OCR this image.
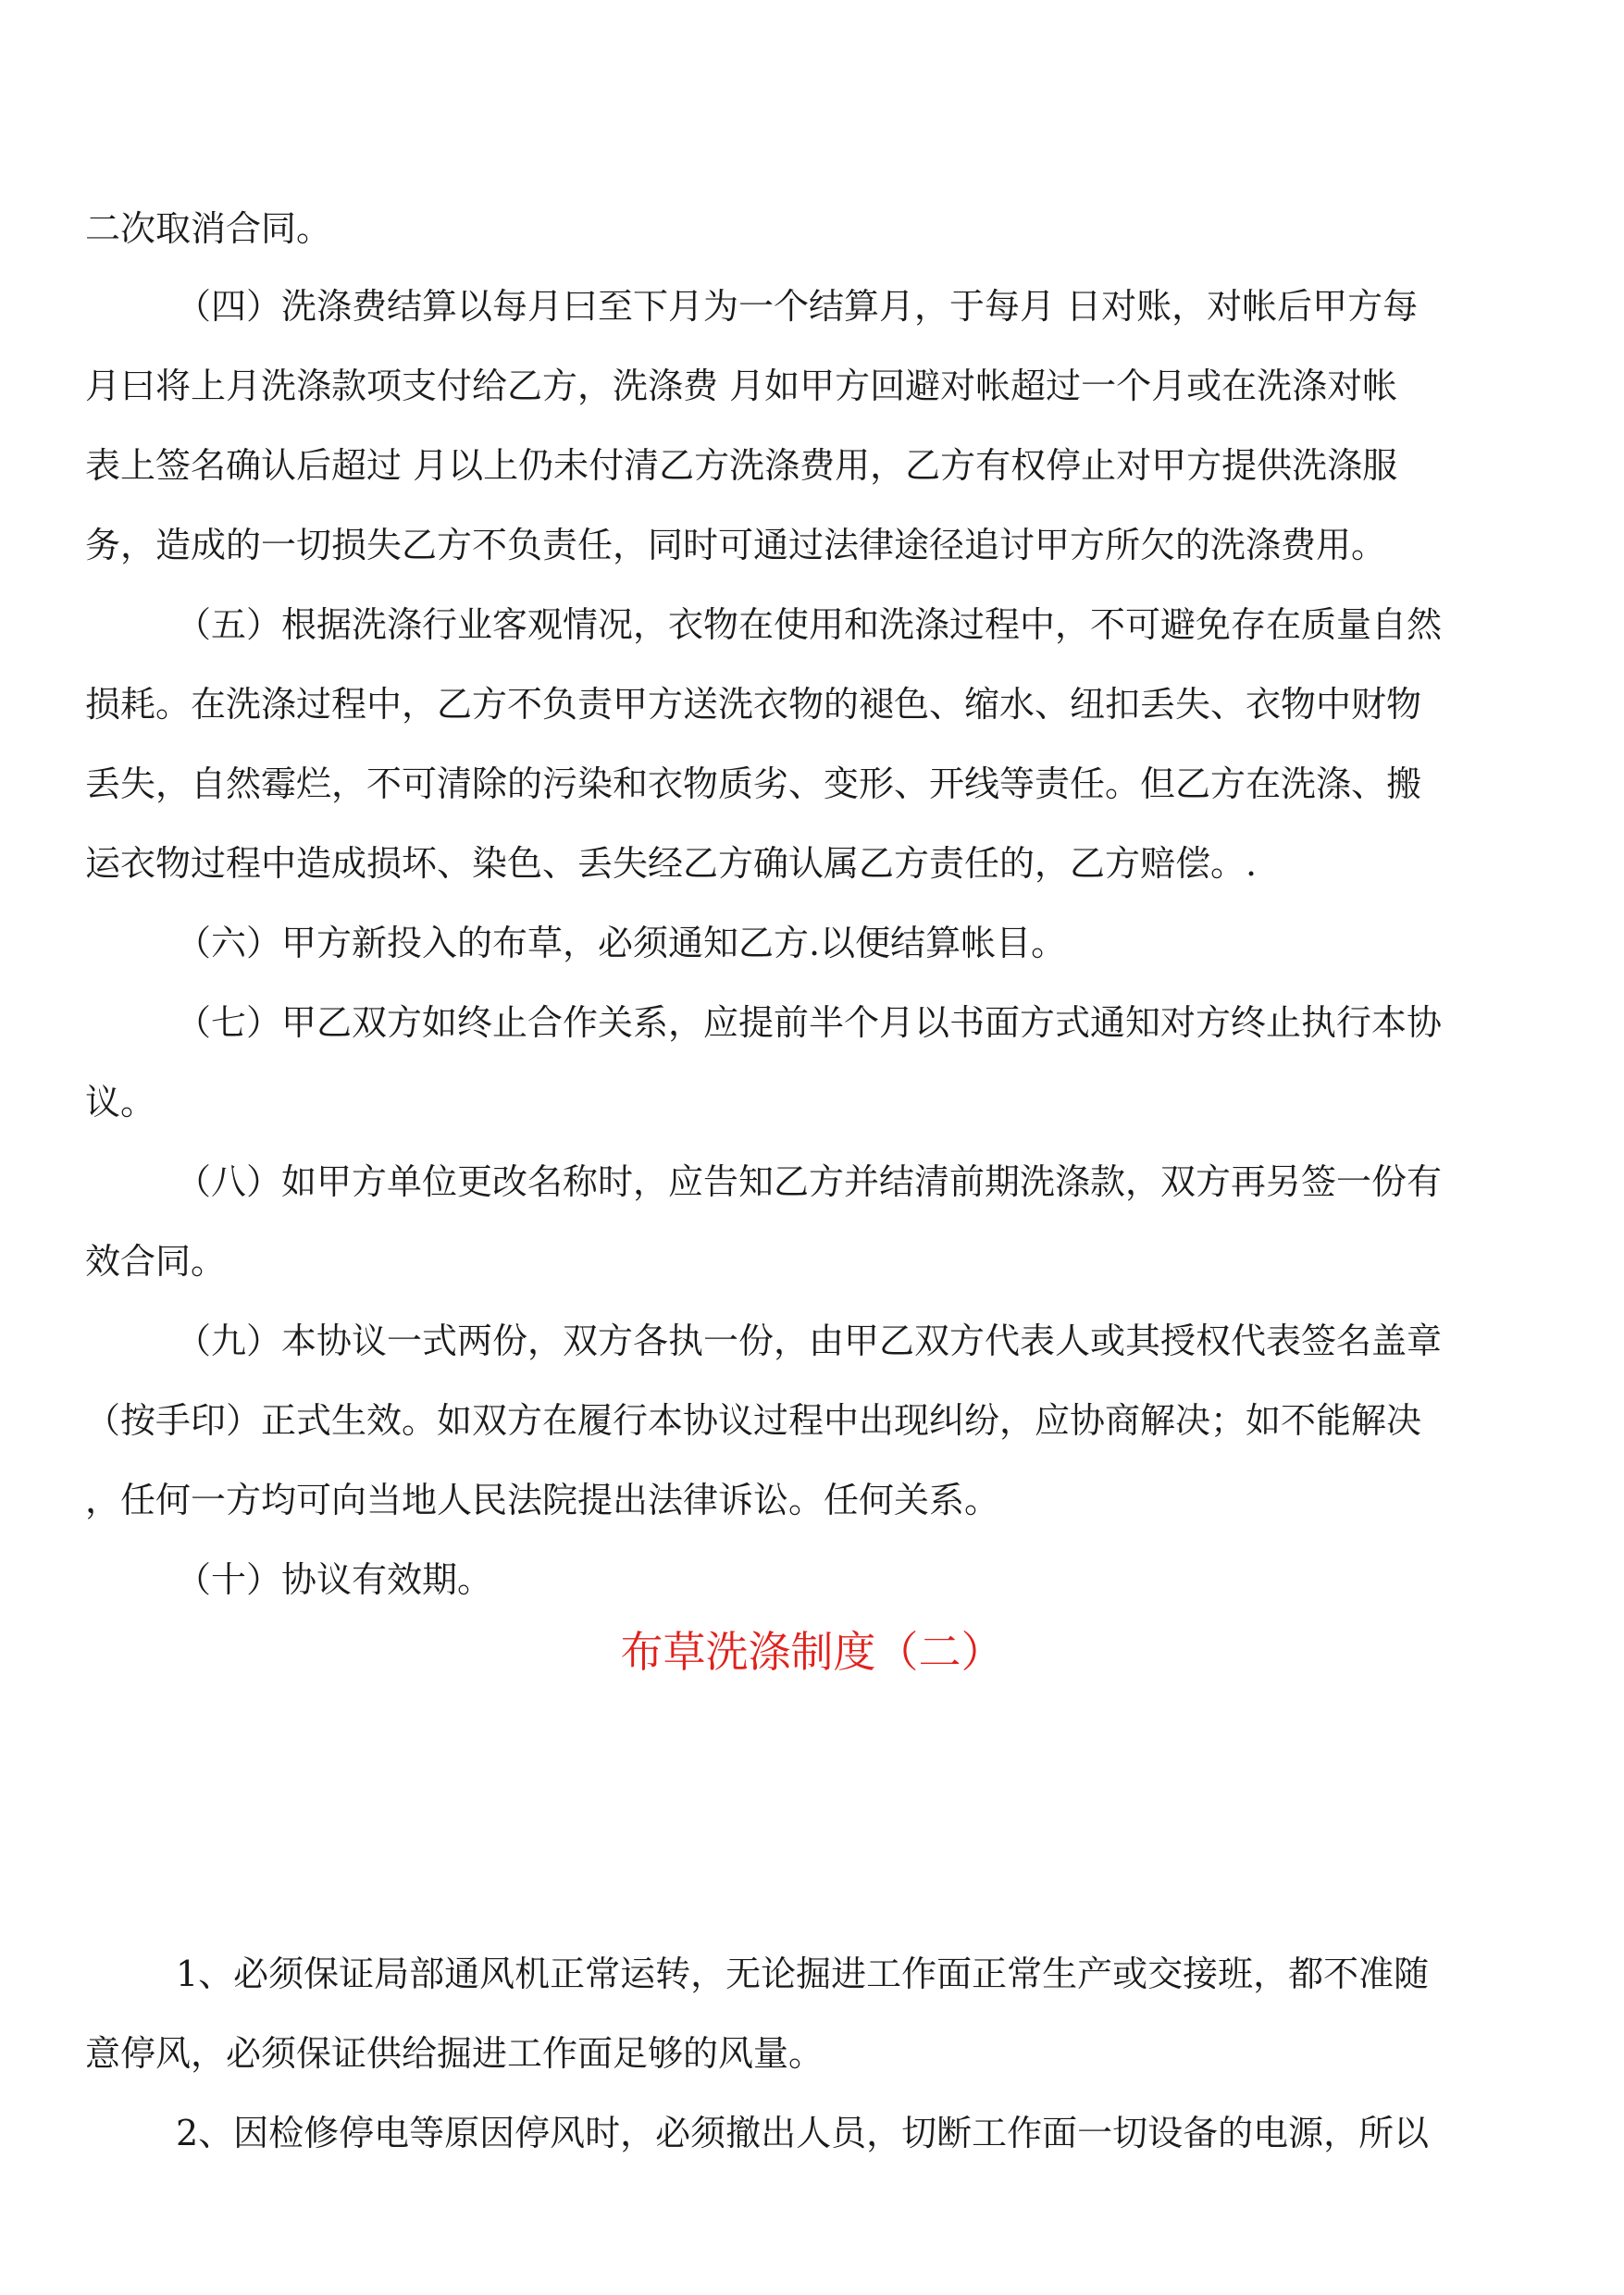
二次取消合同。

（四）洗涤费结算以每月曰至下月为一个结算月，于每月 日对账，对帐后甲方每

月曰将上月洗涤款项支付给乙方，洗涤费 月如甲方回避对帐超过一个月或在洗涤对帐

表上签名确认后超过 月以上仍未付清乙方洗涤费用，乙方有权停止对甲方提供洗涤服

务，造成的一切损失乙方不负责任，同时可通过法律途径追讨甲方所欠的洗涤费用。

（五）根据洗涤行业客观情况，衣物在使用和洗涤过程中，不可避免存在质量自然

损耗。在洗涤过程中，乙方不负责甲方送洗衣物的褪色、缩水、纽扣丢失、衣物中财物

丢失，自然霉烂，不可清除的污染和衣物质劣、变形、开线等责任。但乙方在洗涤、搬

运衣物过程中造成损坏、染色、丢失经乙方确认属乙方责任的，乙方赔偿。.

（六）甲方新投入的布草，必须通知乙方.以便结算帐目。

（七）甲乙双方如终止合作关系，应提前半个月以书面方式通知对方终止执行本协

议。

（八）如甲方单位更改名称时，应告知乙方并结清前期洗涤款，双方再另签一份有

效合同。

（九）本协议一式两份，双方各执一份，由甲乙双方代表人或其授权代表签名盖章

（按手印）正式生效。如双方在履行本协议过程中出现纠纷，应协商解决；如不能解决

，任何一方均可向当地人民法院提出法律诉讼。任何关系。

（十）协议有效期。

布草洗涤制度（二）

1、必须保证局部通风机正常运转，无论掘进工作面正常生产或交接班，都不准随

意停风，必须保证供给掘进工作面足够的风量。

2、因检修停电等原因停风时，必须撤出人员，切断工作面一切设备的电源，所以
